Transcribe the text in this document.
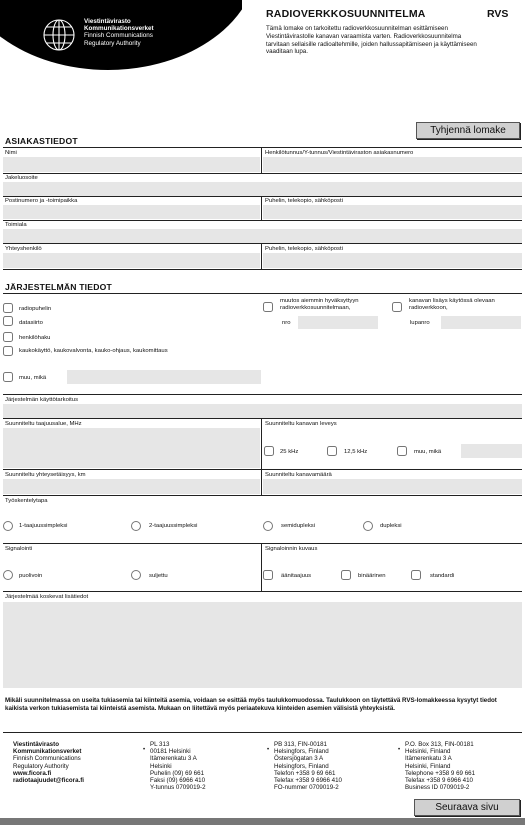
Viestintävirasto
Kommunikationsverket
Finnish Communications
Regulatory Authority
RADIOVERKKOSUUNNITELMA	RVS
Tämä lomake on tarkoitettu radioverkkosuunnitelman esittämiseen Viestintävirastolle kanavan varaamista varten. Radioverkkosuunnitelma tarvitaan sellaisille radioaltehmille, joiden hallussapitämiseen ja käyttämiseen vaaditaan lupa.
Tyhjennä lomake
ASIAKASTIEDOT
Nimi	Henkilötunnus/Y-tunnus/Viestintäviraston asiakasnumero
Jakeluosoite
Postinumero ja -toimipaikka	Puhelin, telekopio, sähköposti
Toimiala
Yhteyshenkilö	Puhelin, telekopio, sähköposti
JÄRJESTELMÄN TIEDOT
radiopuhelin
datasiirto
henkilöhaku
kaukokäyttö, kaukovalvonta, kauko-ohjaus, kaukomittaus
muu, mikä
muutos aiemmin hyväksyttyyn radioverkkosuunnitelmaan,
nro
kanavan lisäys käytössä olevaan radioverkkoon,
lupanro
Järjestelmän käyttötarkoitus
Suunniteltu taajuusalue, MHz	Suunniteltu kanavan leveys
25 kHz	12,5 kHz	muu, mikä
Suunniteltu yhteysetäisyys, km	Suunniteltu kanavamäärä
Työskentelytapa
1-taajuussimpleksi	2-taajuussimpleksi	semidupleksi	dupleksi
Signalointi
puolivoin	suljettu
Signaloinnin kuvaus
äänitaajuus	binäärinen	standardi
Järjestelmää koskevat lisätiedot
Mikäli suunnitelmassa on useita tukiasemia tai kiinteitä asemia, voidaan se esittää myös taulukkomuodossa. Taulukkoon on täytettävä RVS-lomakkeessa kysytyt tiedot kaikista verkon tukiasemista tai kiinteistä asemista. Mukaan on liitettävä myös periaatekuva kiinteiden asemien välisistä yhteyksistä.
Viestintävirasto
Kommunikationsverket
Finnish Communications
Regulatory Authority
www.ficora.fi
radiotaajuudet@ficora.fi
•
PL 313
00181 Helsinki
Itämerenkatu 3 A
Helsinki
Puhelin (09) 69 661
Faksi (09) 6966 410
Y-tunnus 0709019-2
•
PB 313, FIN-00181
Helsingfors, Finland
Östersjögatan 3 A
Helsingfors, Finland
Telefon +358 9 69 661
Telefax +358 9 6966 410
FO-nummer 0709019-2
•
P.O. Box 313, FIN-00181
Helsinki, Finland
Itämerenkatu 3 A
Helsinki, Finland
Telephone +358 9 69 661
Telefax +358 9 6966 410
Business ID 0709019-2
Seuraava sivu
